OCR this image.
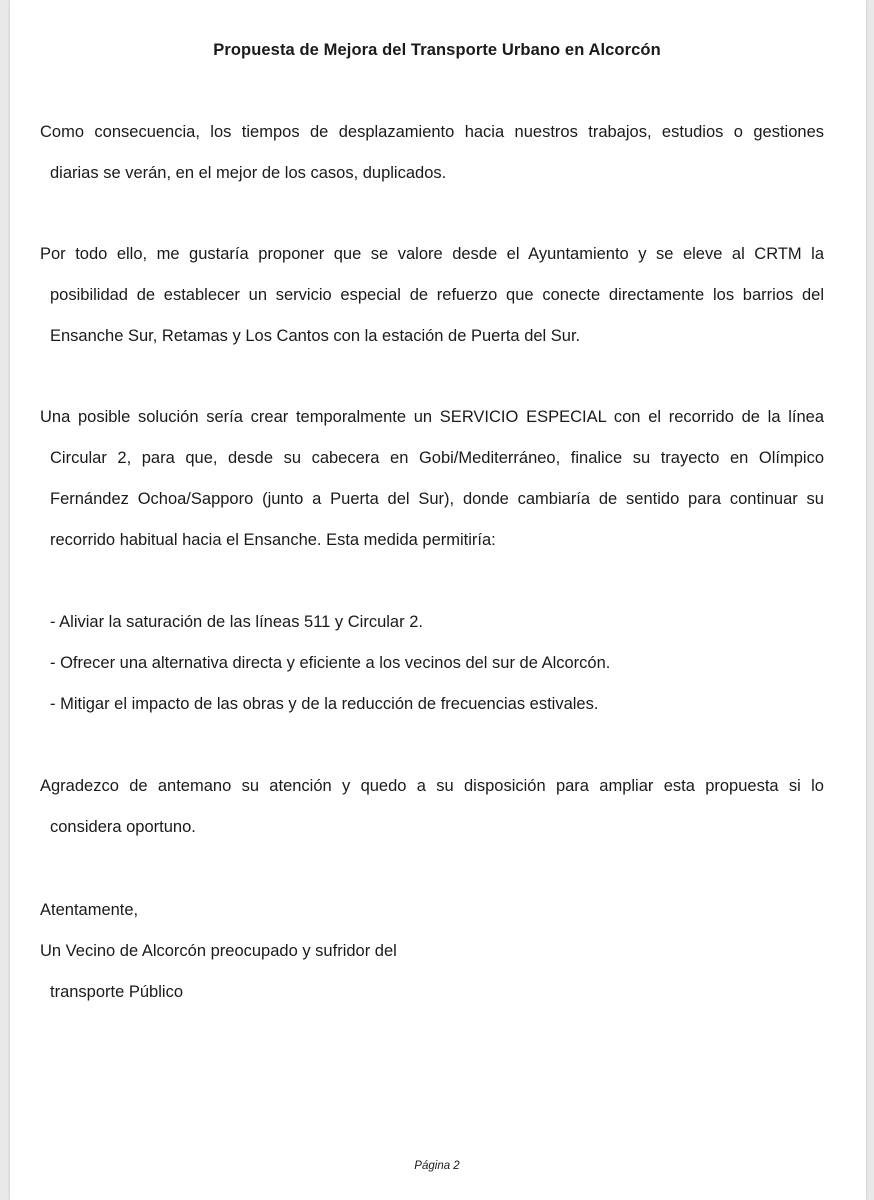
Propuesta de Mejora del Transporte Urbano en Alcorcón
Como consecuencia, los tiempos de desplazamiento hacia nuestros trabajos, estudios o gestiones
diarias se verán, en el mejor de los casos, duplicados.
Por todo ello, me gustaría proponer que se valore desde el Ayuntamiento y se eleve al CRTM la
posibilidad de establecer un servicio especial de refuerzo que conecte directamente los barrios del
Ensanche Sur, Retamas y Los Cantos con la estación de Puerta del Sur.
Una posible solución sería crear temporalmente un SERVICIO ESPECIAL con el recorrido de la línea
Circular 2, para que, desde su cabecera en Gobi/Mediterráneo, finalice su trayecto en Olímpico
Fernández Ochoa/Sapporo (junto a Puerta del Sur), donde cambiaría de sentido para continuar su
recorrido habitual hacia el Ensanche. Esta medida permitiría:
- Aliviar la saturación de las líneas 511 y Circular 2.
- Ofrecer una alternativa directa y eficiente a los vecinos del sur de Alcorcón.
- Mitigar el impacto de las obras y de la reducción de frecuencias estivales.
Agradezco de antemano su atención y quedo a su disposición para ampliar esta propuesta si lo
considera oportuno.
Atentamente,
Un Vecino de Alcorcón preocupado y sufridor del
transporte Público
Página 2
